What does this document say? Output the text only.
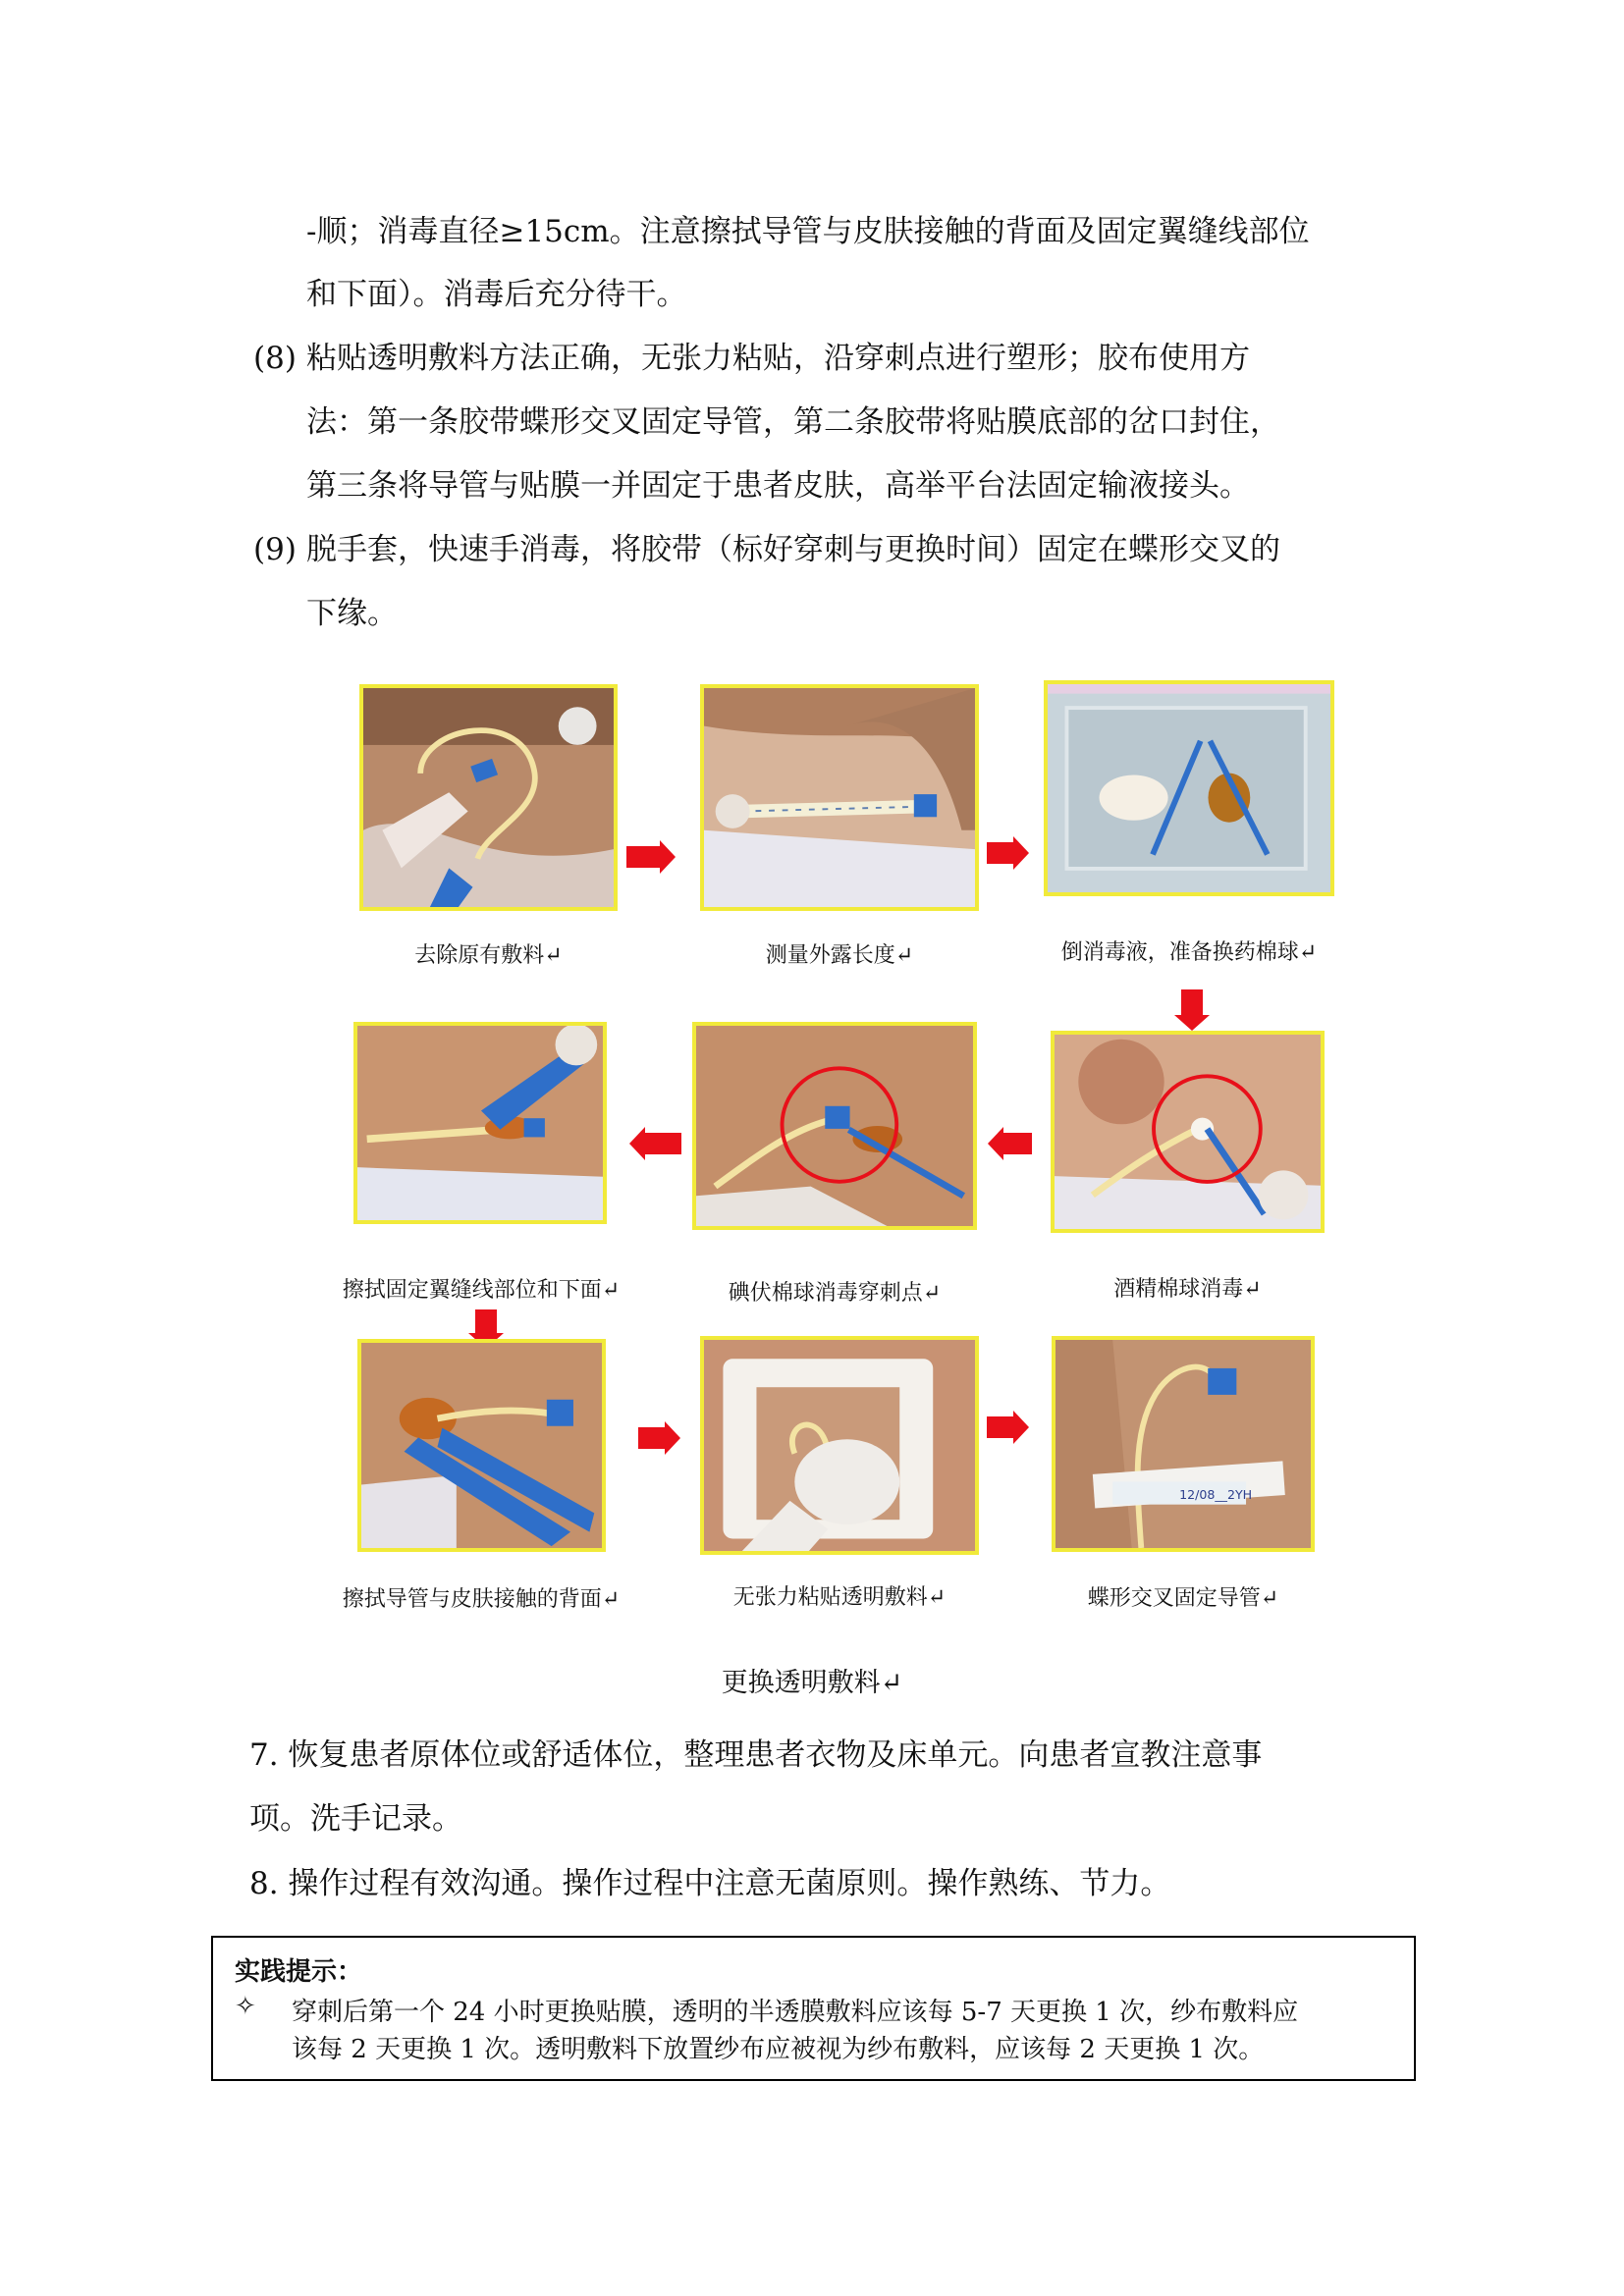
-顺；消毒直径≥15cm。注意擦拭导管与皮肤接触的背面及固定翼缝线部位
和下面）。消毒后充分待干。
(8) 粘贴透明敷料方法正确，无张力粘贴，沿穿刺点进行塑形；胶布使用方
法：第一条胶带蝶形交叉固定导管，第二条胶带将贴膜底部的岔口封住，
第三条将导管与贴膜一并固定于患者皮肤，高举平台法固定输液接头。
(9) 脱手套，快速手消毒，将胶带（标好穿刺与更换时间）固定在蝶形交叉的
下缘。
去除原有敷料↵	测量外露长度↵	倒消毒液，准备换药棉球↵
擦拭固定翼缝线部位和下面↵	碘伏棉球消毒穿刺点↵	酒精棉球消毒↵
12/08__2YH
擦拭导管与皮肤接触的背面↵	无张力粘贴透明敷料↵	蝶形交叉固定导管↵
更换透明敷料↵
7. 恢复患者原体位或舒适体位，整理患者衣物及床单元。向患者宣教注意事
项。洗手记录。
8. 操作过程有效沟通。操作过程中注意无菌原则。操作熟练、节力。
实践提示：
✧ 穿刺后第一个 24 小时更换贴膜，透明的半透膜敷料应该每 5-7 天更换 1 次，纱布敷料应
该每 2 天更换 1 次。透明敷料下放置纱布应被视为纱布敷料，应该每 2 天更换 1 次。
